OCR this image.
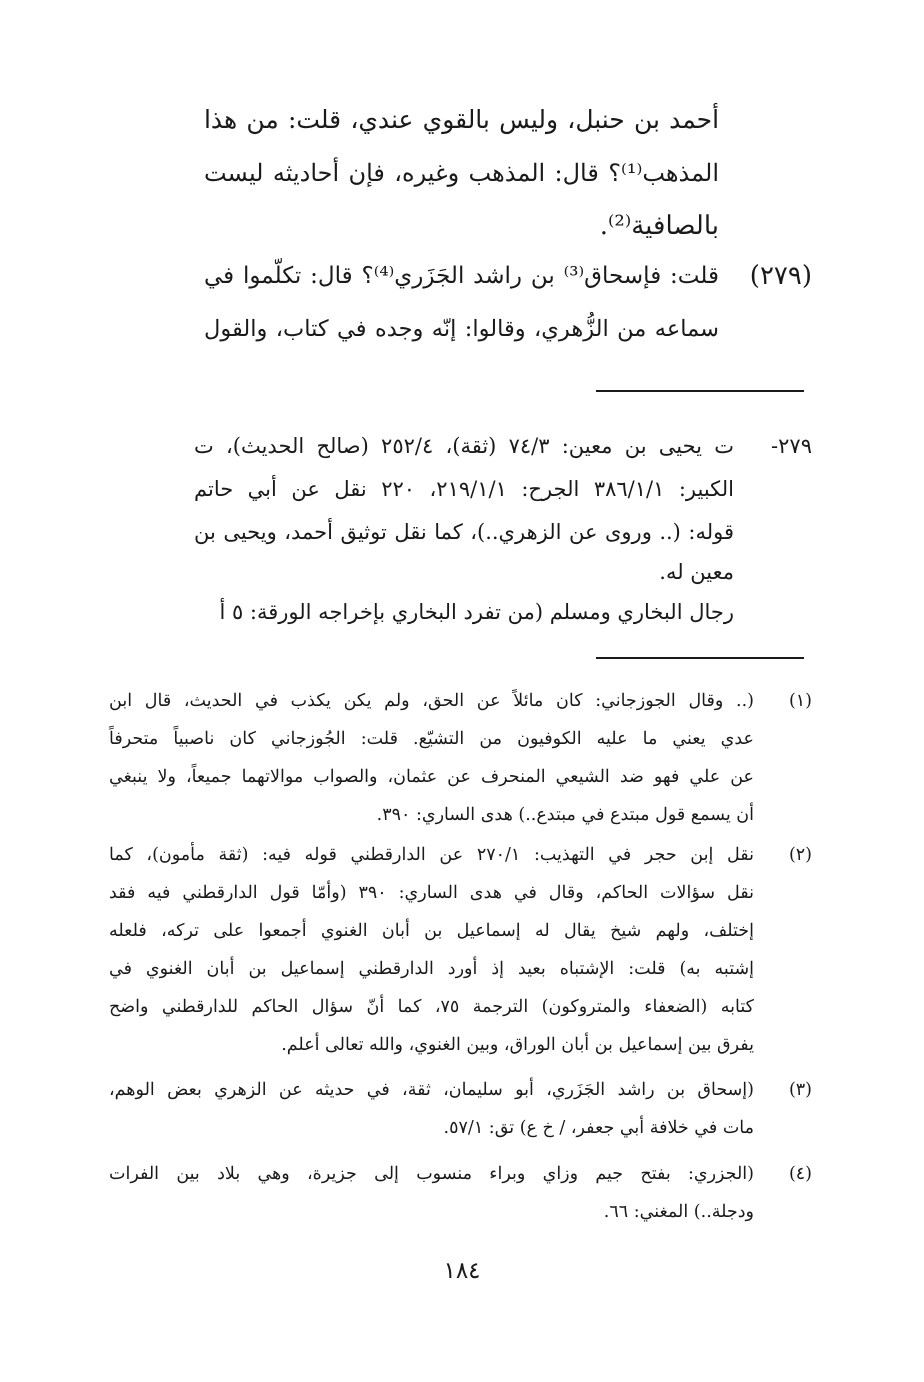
أحمد بن حنبل، وليس بالقوي عندي، قلت: من هذا
المذهب⁽¹⁾؟ قال: المذهب وغيره، فإن أحاديثه ليست
بالصافية⁽²⁾.
(٢٧٩)
قلت: فإسحاق⁽³⁾ بن راشد الجَزَري⁽⁴⁾؟ قال: تكلّموا في
سماعه من الزُّهري، وقالوا: إنّه وجده في كتاب، والقول
٢٧٩-
ت يحيى بن معين: ٧٤/٣ (ثقة)، ٢٥٢/٤ (صالح الحديث)، ت
الكبير: ٣٨٦/١/١ الجرح: ٢١٩/١/١، ٢٢٠ نقل عن أبي حاتم
قوله: (.. وروى عن الزهري..)، كما نقل توثيق أحمد، ويحيى بن
معين له.
رجال البخاري ومسلم (من تفرد البخاري بإخراجه الورقة: ٥ أ
(١)
(.. وقال الجوزجاني: كان مائلاً عن الحق، ولم يكن يكذب في الحديث، قال ابن
عدي يعني ما عليه الكوفيون من التشيّع. قلت: الجُوزجاني كان ناصبياً متحرفاً
عن علي فهو ضد الشيعي المنحرف عن عثمان، والصواب موالاتهما جميعاً، ولا ينبغي
أن يسمع قول مبتدع في مبتدع..) هدى الساري: ٣٩٠.
(٢)
نقل إبن حجر في التهذيب: ٢٧٠/١ عن الدارقطني قوله فيه: (ثقة مأمون)، كما
نقل سؤالات الحاكم، وقال في هدى الساري: ٣٩٠ (وأمّا قول الدارقطني فيه فقد
إختلف، ولهم شيخ يقال له إسماعيل بن أبان الغنوي أجمعوا على تركه، فلعله
إشتبه به) قلت: الإشتباه بعيد إذ أورد الدارقطني إسماعيل بن أبان الغنوي في
كتابه (الضعفاء والمتروكون) الترجمة ٧٥، كما أنّ سؤال الحاكم للدارقطني واضح
يفرق بين إسماعيل بن أبان الوراق، وبين الغنوي، والله تعالى أعلم.
(٣)
(إسحاق بن راشد الجَزَري، أبو سليمان، ثقة، في حديثه عن الزهري بعض الوهم،
مات في خلافة أبي جعفر، / خ ع) تق: ٥٧/١.
(٤)
(الجزري: بفتح جيم وزاي وبراء منسوب إلى جزيرة، وهي بلاد بين الفرات
ودجلة..) المغني: ٦٦.
١٨٤
